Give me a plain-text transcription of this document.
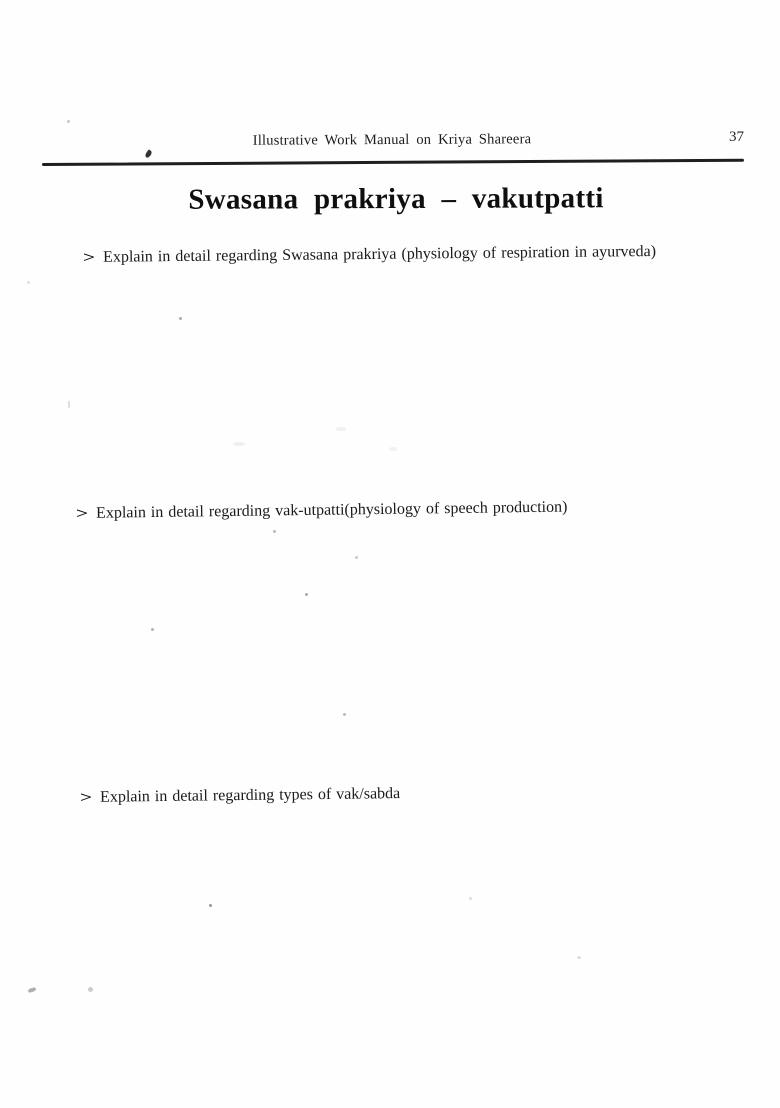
Illustrative Work Manual on Kriya Shareera	37
Swasana prakriya – vakutpatti
> Explain in detail regarding Swasana prakriya (physiology of respiration in ayurveda)
> Explain in detail regarding vak-utpatti(physiology of speech production)
> Explain in detail regarding types of vak/sabda
